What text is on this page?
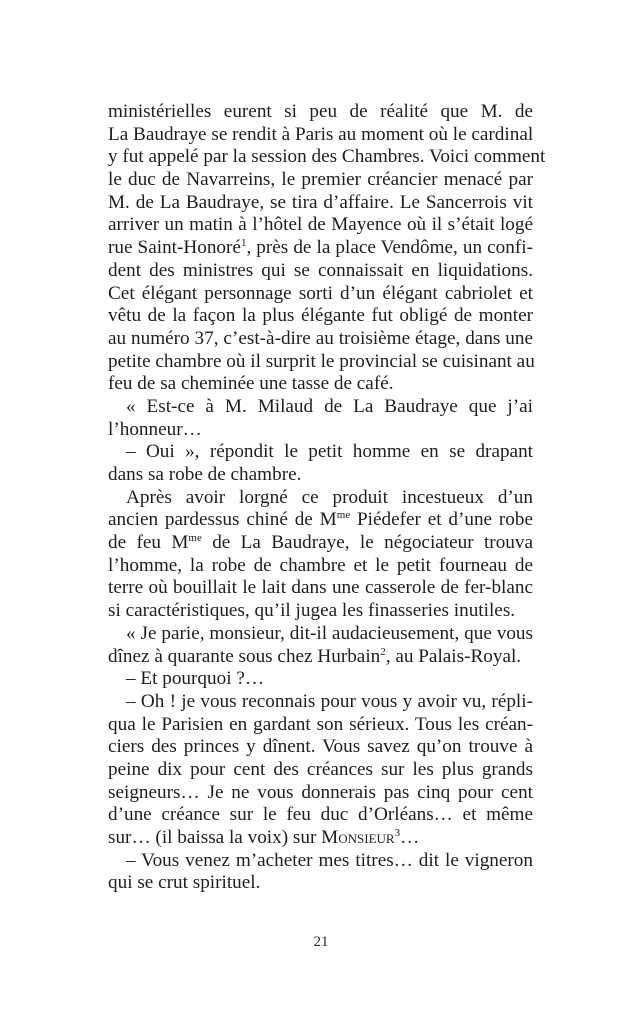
ministérielles eurent si peu de réalité que M. de
La Baudraye se rendit à Paris au moment où le cardinal
y fut appelé par la session des Chambres. Voici comment
le duc de Navarreins, le premier créancier menacé par
M. de La Baudraye, se tira d’affaire. Le Sancerrois vit
arriver un matin à l’hôtel de Mayence où il s’était logé
rue Saint-Honoré$^1$, près de la place Vendôme, un confi-
dent des ministres qui se connaissait en liquidations.
Cet élégant personnage sorti d’un élégant cabriolet et
vêtu de la façon la plus élégante fut obligé de monter
au numéro 37, c’est-à-dire au troisième étage, dans une
petite chambre où il surprit le provincial se cuisinant au
feu de sa cheminée une tasse de café.
« Est-ce à M. Milaud de La Baudraye que j’ai
l’honneur…
– Oui », répondit le petit homme en se drapant
dans sa robe de chambre.
Après avoir lorgné ce produit incestueux d’un
ancien pardessus chiné de $M^{me}$ Piédefer et d’une robe
de feu $M^{me}$ de La Baudraye, le négociateur trouva
l’homme, la robe de chambre et le petit fourneau de
terre où bouillait le lait dans une casserole de fer-blanc
si caractéristiques, qu’il jugea les finasseries inutiles.
« Je parie, monsieur, dit-il audacieusement, que vous
dînez à quarante sous chez Hurbain$^2$, au Palais-Royal.
– Et pourquoi ?…
– Oh ! je vous reconnais pour vous y avoir vu, répli-
qua le Parisien en gardant son sérieux. Tous les créan-
ciers des princes y dînent. Vous savez qu’on trouve à
peine dix pour cent des créances sur les plus grands
seigneurs… Je ne vous donnerais pas cinq pour cent
d’une créance sur le feu duc d’Orléans… et même
sur… (il baissa la voix) sur Monsieur$^3$…
– Vous venez m’acheter mes titres… dit le vigneron
qui se crut spirituel.
21
